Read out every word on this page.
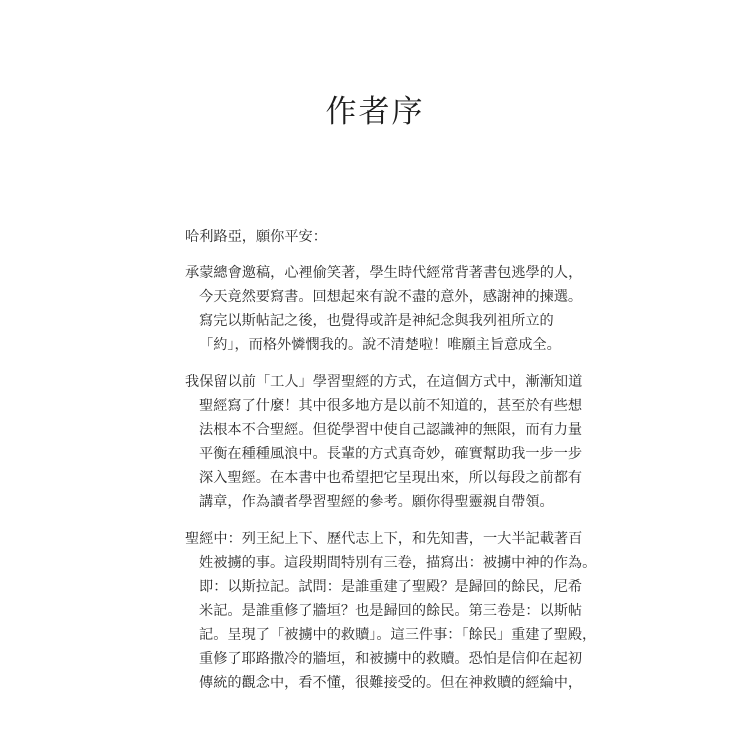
作者序
哈利路亞，願你平安：
承蒙總會邀稿，心裡偷笑著，學生時代經常背著書包逃學的人，
今天竟然要寫書。回想起來有說不盡的意外，感謝神的揀選。
寫完以斯帖記之後，也覺得或許是神紀念與我列祖所立的
「約」，而格外憐憫我的。說不清楚啦！唯願主旨意成全。
我保留以前「工人」學習聖經的方式，在這個方式中，漸漸知道
聖經寫了什麼！其中很多地方是以前不知道的，甚至於有些想
法根本不合聖經。但從學習中使自己認識神的無限，而有力量
平衡在種種風浪中。長輩的方式真奇妙，確實幫助我一步一步
深入聖經。在本書中也希望把它呈現出來，所以每段之前都有
講章，作為讀者學習聖經的參考。願你得聖靈親自帶領。
聖經中：列王紀上下、歷代志上下，和先知書，一大半記載著百
姓被擄的事。這段期間特別有三卷，描寫出：被擄中神的作為。
即：以斯拉記。試問：是誰重建了聖殿？是歸回的餘民，尼希
米記。是誰重修了牆垣？也是歸回的餘民。第三卷是：以斯帖
記。呈現了「被擄中的救贖」。這三件事：「餘民」重建了聖殿，
重修了耶路撒冷的牆垣，和被擄中的救贖。恐怕是信仰在起初
傳統的觀念中，看不懂，很難接受的。但在神救贖的經綸中，
